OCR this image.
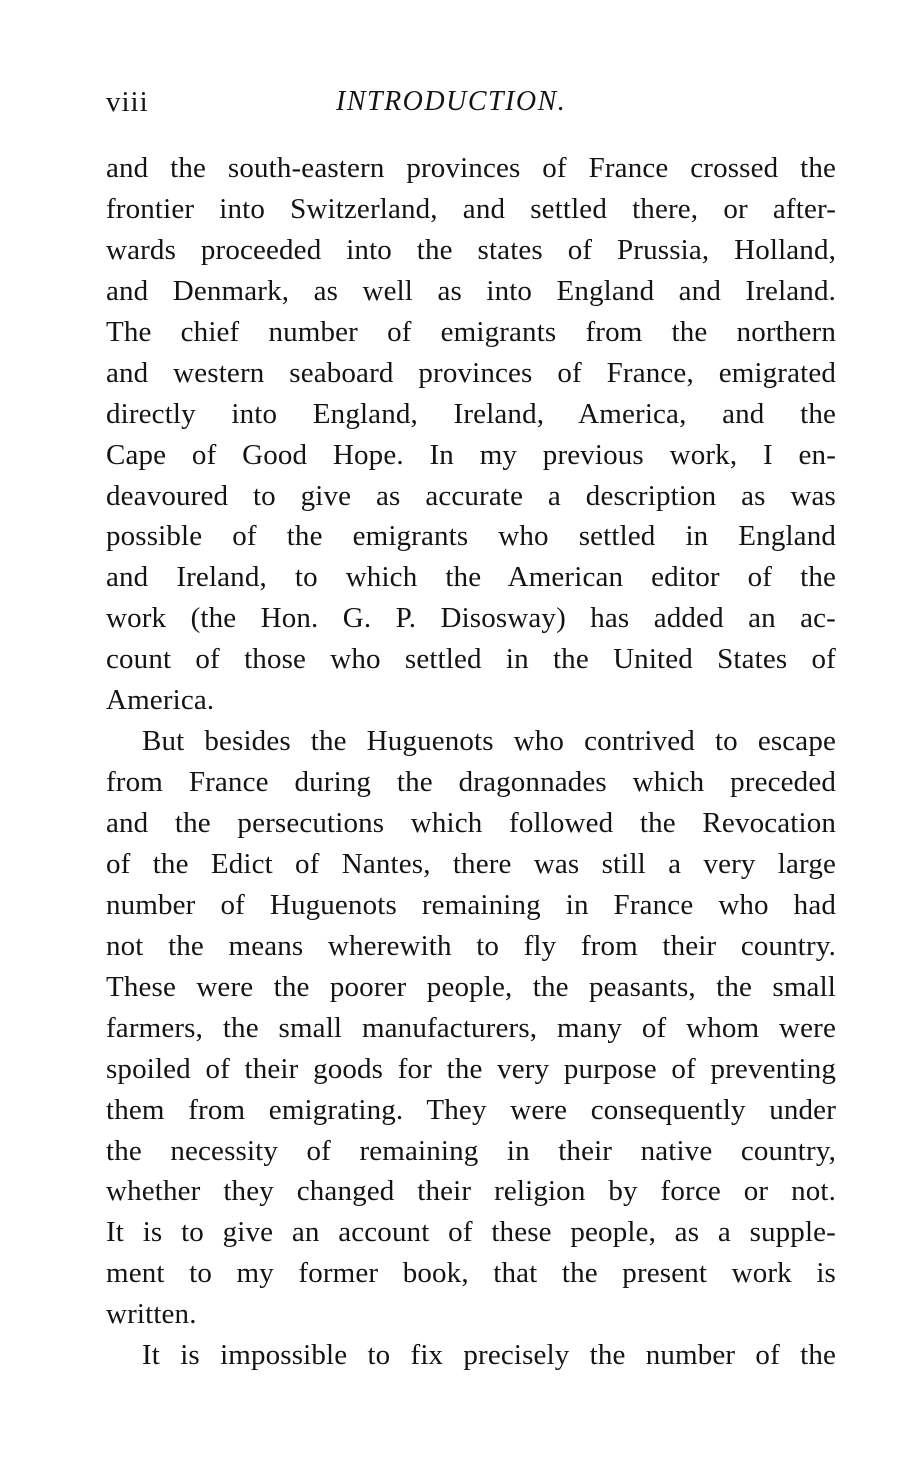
viii	INTRODUCTION.
and the south-eastern provinces of France crossed the
frontier into Switzerland, and settled there, or after-
wards proceeded into the states of Prussia, Holland,
and Denmark, as well as into England and Ireland.
The chief number of emigrants from the northern
and western seaboard provinces of France, emigrated
directly into England, Ireland, America, and the
Cape of Good Hope. In my previous work, I en-
deavoured to give as accurate a description as was
possible of the emigrants who settled in England
and Ireland, to which the American editor of the
work (the Hon. G. P. Disosway) has added an ac-
count of those who settled in the United States of
America.
But besides the Huguenots who contrived to escape
from France during the dragonnades which preceded
and the persecutions which followed the Revocation
of the Edict of Nantes, there was still a very large
number of Huguenots remaining in France who had
not the means wherewith to fly from their country.
These were the poorer people, the peasants, the small
farmers, the small manufacturers, many of whom were
spoiled of their goods for the very purpose of preventing
them from emigrating. They were consequently under
the necessity of remaining in their native country,
whether they changed their religion by force or not.
It is to give an account of these people, as a supple-
ment to my former book, that the present work is
written.
It is impossible to fix precisely the number of the
